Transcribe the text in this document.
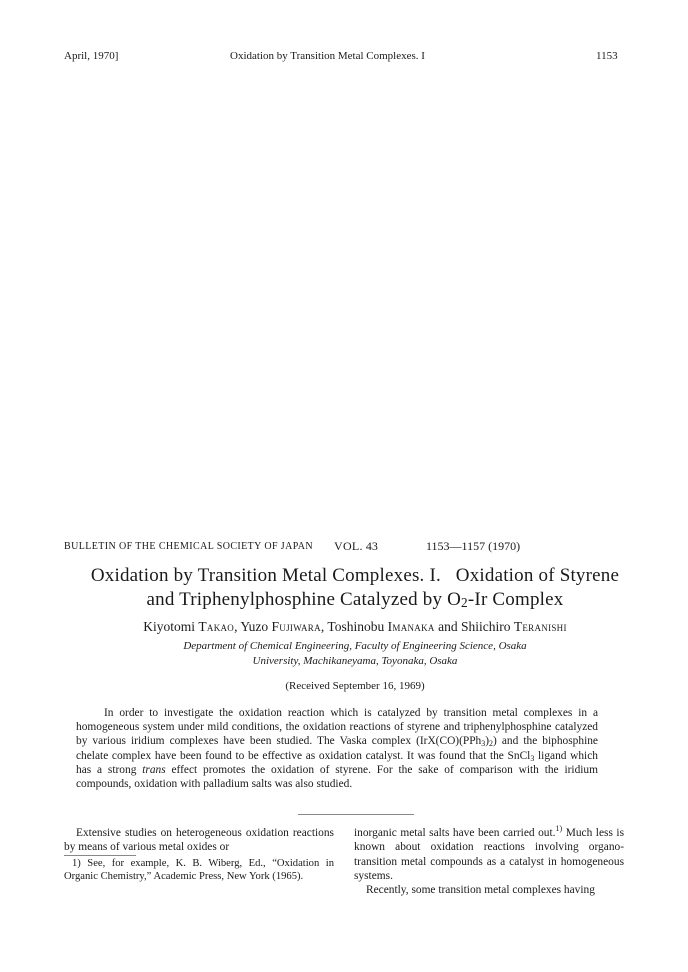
April, 1970]	Oxidation by Transition Metal Complexes. I	1153
BULLETIN OF THE CHEMICAL SOCIETY OF JAPAN VOL. 43	1153—1157 (1970)
Oxidation by Transition Metal Complexes. I.   Oxidation of Styrene
and Triphenylphosphine Catalyzed by $O_2-Ir$ Complex
Kiyotomi Takao, Yuzo Fujiwara, Toshinobu Imanaka and Shiichiro Teranishi
Department of Chemical Engineering, Faculty of Engineering Science, Osaka
University, Machikaneyama, Toyonaka, Osaka
(Received September 16, 1969)
In order to investigate the oxidation reaction which is catalyzed by transition metal complexes in a homogeneous system under mild conditions, the oxidation reactions of styrene and triphenylphosphine catalyzed by various iridium complexes have been studied. The Vaska complex $(IrX(CO)(PPh_3)_2)$ and the biphosphine chelate complex have been found to be effective as oxidation catalyst. It was found that the SnCl$_3$ ligand which has a strong trans effect promotes the oxidation of styrene. For the sake of comparison with the iridium compounds, oxidation with palladium salts was also studied.
Extensive studies on heterogeneous oxidation reactions by means of various metal oxides or
1) See, for example, K. B. Wiberg, Ed., “Oxidation in Organic Chemistry,” Academic Press, New York (1965).
inorganic metal salts have been carried out.$^{1)}$ Much less is known about oxidation reactions involving organo-transition metal compounds as a catalyst in homogeneous systems.
Recently, some transition metal complexes having
